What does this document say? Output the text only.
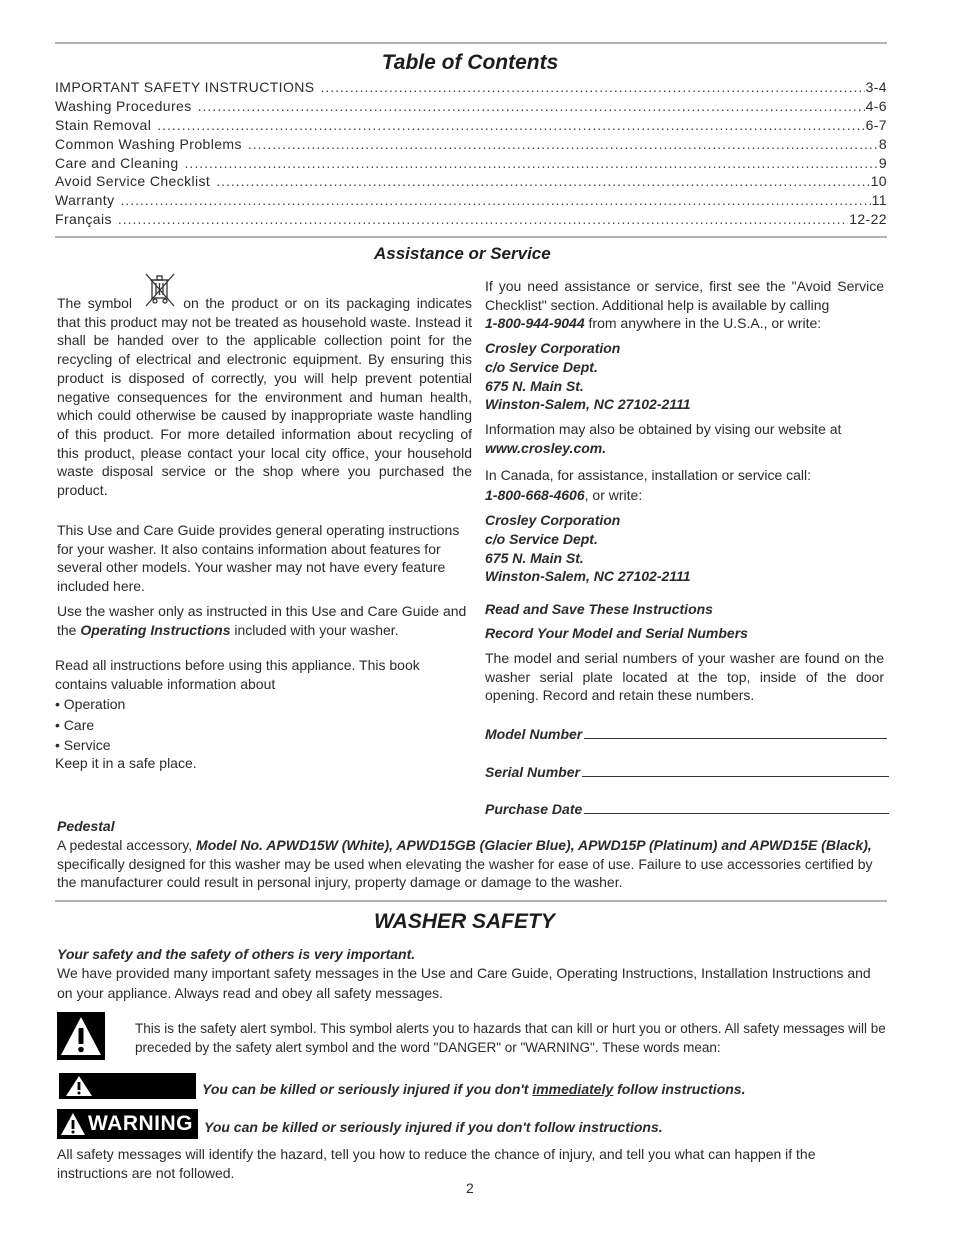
Table of Contents
IMPORTANT SAFETY INSTRUCTIONS .....	3-4
Washing Procedures .....	4-6
Stain Removal .....	6-7
Common Washing Problems .....	8
Care and Cleaning .....	9
Avoid Service Checklist .....	10
Warranty .....	11
Français .....	12-22
Assistance or Service

The symbol	on the product or on its packaging indicates that this product may not be treated as household waste. Instead it shall be handed over to the applicable collection point for the recycling of electrical and electronic equipment. By ensuring this product is disposed of correctly, you will help prevent potential negative consequences for the environment and human health, which could otherwise be caused by inappropriate waste handling of this product. For more detailed information about recycling of this product, please contact your local city office, your household waste disposal service or the shop where you purchased the product.

This Use and Care Guide provides general operating instructions for your washer. It also contains information about features for several other models. Your washer may not have every feature included here.
Use the washer only as instructed in this Use and Care Guide and the Operating Instructions included with your washer.
Read all instructions before using this appliance. This book contains valuable information about
• Operation
• Care
• Service
Keep it in a safe place.
If you need assistance or service, first see the "Avoid Service Checklist" section. Additional help is available by calling
1-800-944-9044 from anywhere in the U.S.A., or write:
Crosley Corporation
c/o Service Dept.
675 N. Main St.
Winston-Salem, NC 27102-2111
Information may also be obtained by vising our website at
www.crosley.com.
In Canada, for assistance, installation or service call:
1-800-668-4606, or write:
Crosley Corporation
c/o Service Dept.
675 N. Main St.
Winston-Salem, NC 27102-2111
Read and Save These Instructions
Record Your Model and Serial Numbers
The model and serial numbers of your washer are found on the washer serial plate located at the top, inside of the door opening. Record and retain these numbers.
Model Number
Serial Number
Purchase Date
Pedestal
A pedestal accessory, Model No. APWD15W (White), APWD15GB (Glacier Blue), APWD15P (Platinum) and APWD15E (Black), specifically designed for this washer may be used when elevating the washer for ease of use. Failure to use accessories certified by the manufacturer could result in personal injury, property damage or damage to the washer.
WASHER SAFETY
Your safety and the safety of others is very important.
We have provided many important safety messages in the Use and Care Guide, Operating Instructions, Installation Instructions and on your appliance. Always read and obey all safety messages.
This is the safety alert symbol. This symbol alerts you to hazards that can kill or hurt you or others. All safety messages will be preceded by the safety alert symbol and the word "DANGER" or "WARNING". These words mean:
You can be killed or seriously injured if you don't immediately follow instructions.
WARNING You can be killed or seriously injured if you don't follow instructions.
All safety messages will identify the hazard, tell you how to reduce the chance of injury, and tell you what can happen if the instructions are not followed.
2
